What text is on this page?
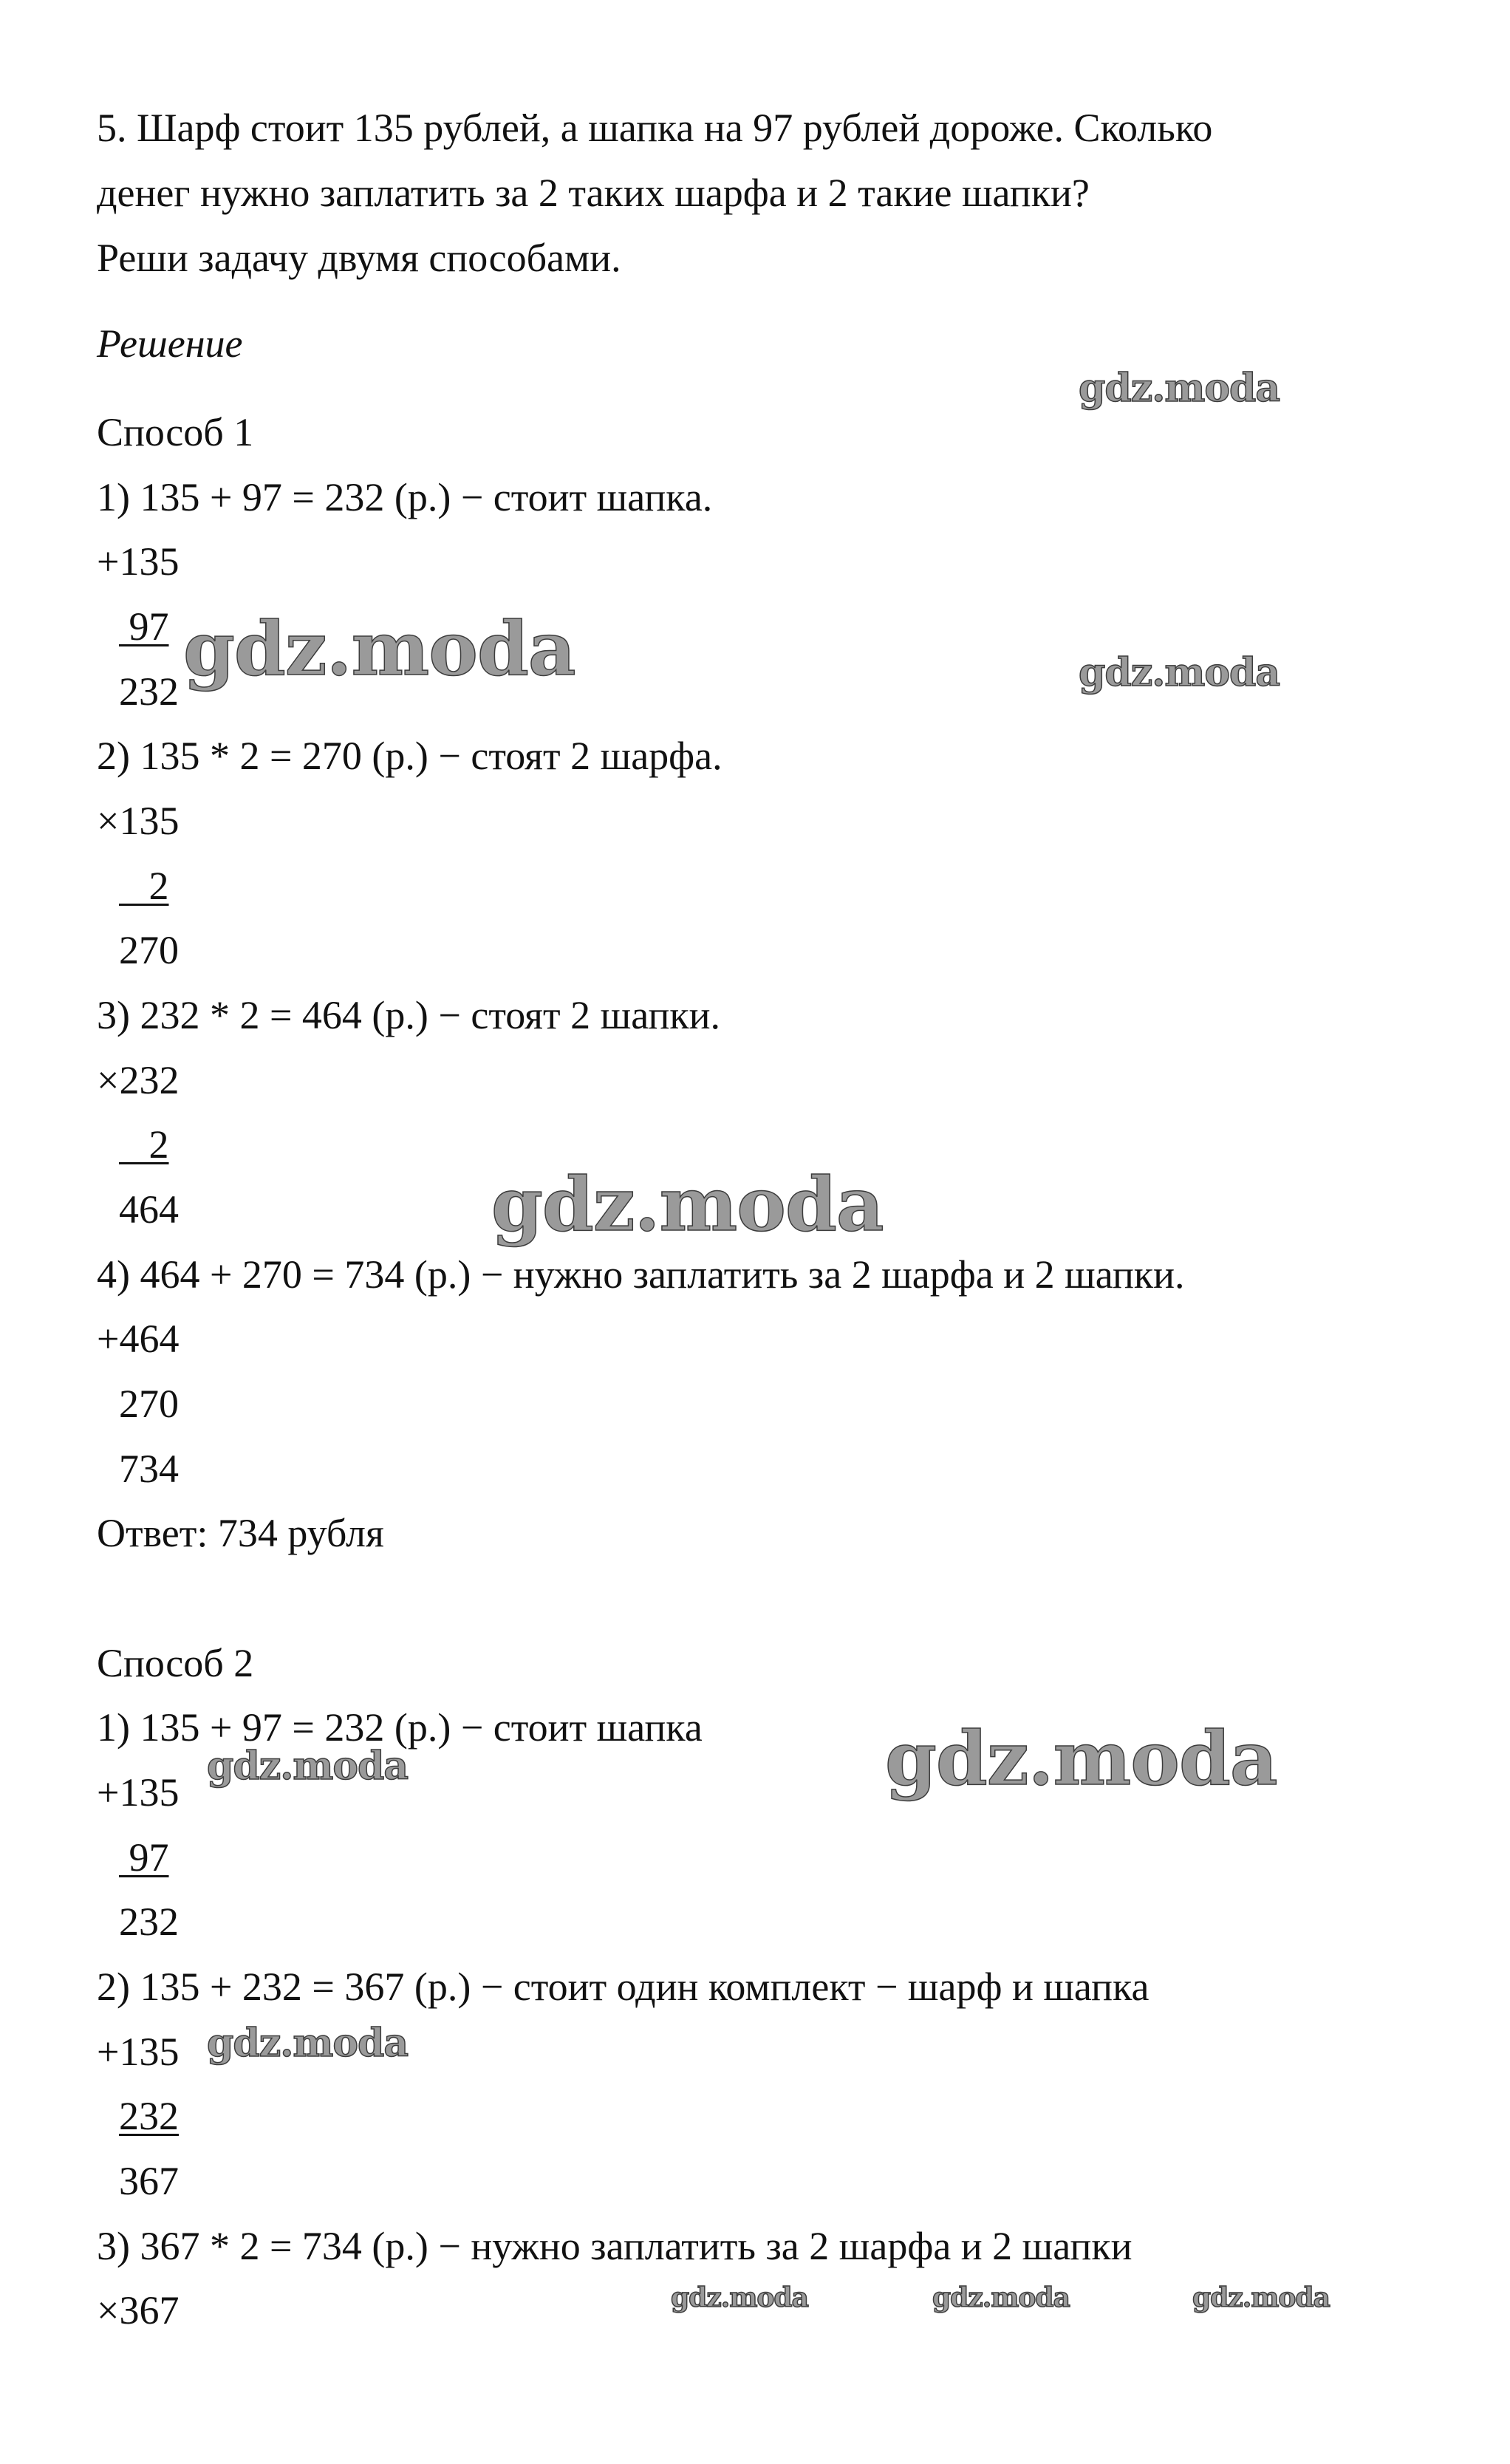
5. Шарф стоит 135 рублей, а шапка на 97 рублей дороже. Сколько
денег нужно заплатить за 2 таких шарфа и 2 такие шапки?
Реши задачу двумя способами.
Решение
Способ 1
1) 135 + 97 = 232 (р.) − стоит шапка.
+135
97
232
2) 135 * 2 = 270 (р.) − стоят 2 шарфа.
×135
2
270
3) 232 * 2 = 464 (р.) − стоят 2 шапки.
×232
2
464
4) 464 + 270 = 734 (р.) − нужно заплатить за 2 шарфа и 2 шапки.
+464
270
734
Ответ: 734 рубля
Способ 2
1) 135 + 97 = 232 (р.) − стоит шапка
+135
97
232
2) 135 + 232 = 367 (р.) − стоит один комплект − шарф и шапка
+135
232
367
3) 367 * 2 = 734 (р.) − нужно заплатить за 2 шарфа и 2 шапки
×367
gdz.moda
gdz.moda	gdz.moda
gdz.moda
gdz.moda
gdz.moda
gdz.moda
gdz.moda	gdz.moda	gdz.moda
